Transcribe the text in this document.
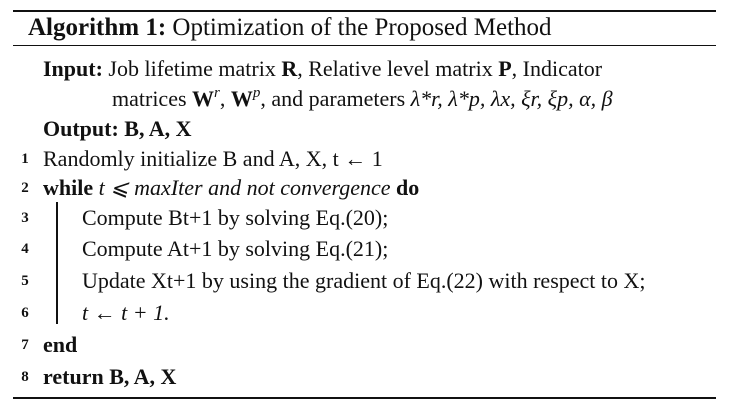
Algorithm 1: Optimization of the Proposed Method
Input: Job lifetime matrix R, Relative level matrix P, Indicator
matrices $W^r$, $W^p$, and parameters λ*r, λ*p, λx, ξr, ξp, α, β
Output: B, A, X
1 Randomly initialize B and A, X, t ← 1
2 while t ⩽ maxIter and not convergence do
3	Compute Bt+1 by solving Eq.(20);
4	Compute At+1 by solving Eq.(21);
5	Update Xt+1 by using the gradient of Eq.(22) with respect to X;
6	t ← t + 1.
7 end
8 return B, A, X
